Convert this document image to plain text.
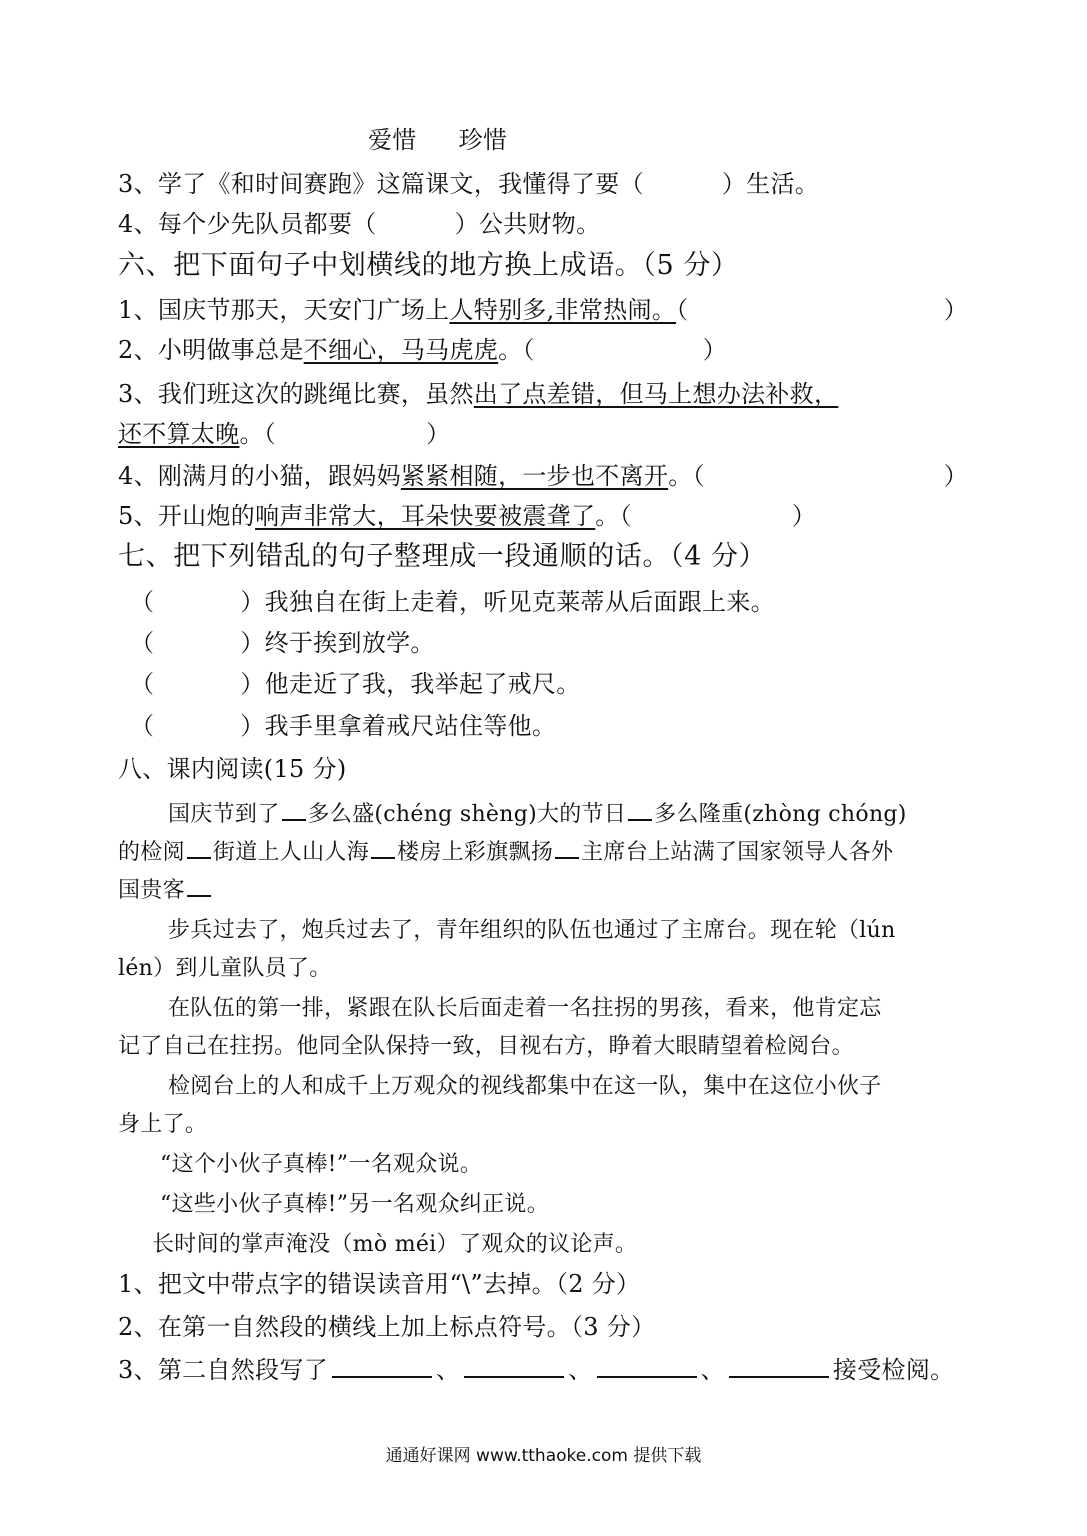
爱惜 珍惜
3、学了《和时间赛跑》这篇课文，我懂得了要（	）生活。
4、每个少先队员都要（	）公共财物。
六、把下面句子中划横线的地方换上成语。（5 分）
1、国庆节那天，天安门广场上人特别多,非常热闹。（	）
2、小明做事总是不细心，马马虎虎。（	）
3、我们班这次的跳绳比赛，虽然出了点差错，但马上想办法补救，
还不算太晚。（	）
4、刚满月的小猫，跟妈妈紧紧相随，一步也不离开。（	）
5、开山炮的响声非常大，耳朵快要被震聋了。（	）
七、把下列错乱的句子整理成一段通顺的话。（4 分）
（	）我独自在街上走着，听见克莱蒂从后面跟上来。
（	）终于挨到放学。
（	）他走近了我，我举起了戒尺。
（	）我手里拿着戒尺站住等他。
八、课内阅读(15 分)
国庆节到了 多么盛(chéng shèng)大的节日 多么隆重(zhòng chóng)
的检阅 街道上人山人海 楼房上彩旗飘扬 主席台上站满了国家领导人各外
国贵客
步兵过去了，炮兵过去了，青年组织的队伍也通过了主席台。现在轮（lún
lén）到儿童队员了。
在队伍的第一排，紧跟在队长后面走着一名拄拐的男孩，看来，他肯定忘
记了自己在拄拐。他同全队保持一致，目视右方，睁着大眼睛望着检阅台。
检阅台上的人和成千上万观众的视线都集中在这一队，集中在这位小伙子
身上了。
“这个小伙子真棒!”一名观众说。
“这些小伙子真棒!”另一名观众纠正说。
长时间的掌声淹没（mò méi）了观众的议论声。
1、把文中带点字的错误读音用“\”去掉。（2 分）
2、在第一自然段的横线上加上标点符号。（3 分）
3、第二自然段写了	、	、	、	接受检阅。
通通好课网 www.tthaoke.com 提供下载
